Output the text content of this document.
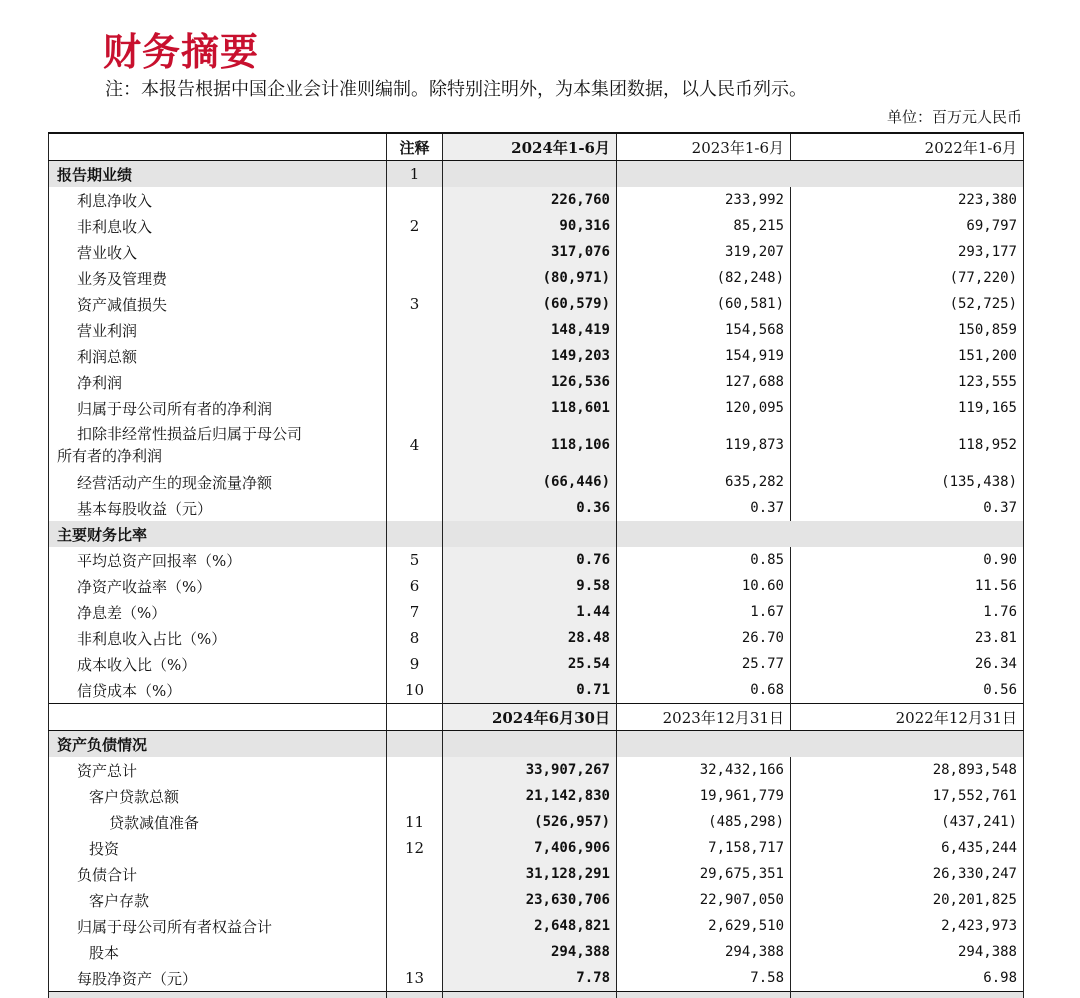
财务摘要
注：本报告根据中国企业会计准则编制。除特别注明外，为本集团数据，以人民币列示。
单位：百万元人民币
	注释	2024年1-6月	2023年1-6月	2022年1-6月
报告期业绩	1			
利息净收入		226,760	233,992	223,380
非利息收入	2	90,316	85,215	69,797
营业收入		317,076	319,207	293,177
业务及管理费		(80,971)	(82,248)	(77,220)
资产减值损失	3	(60,579)	(60,581)	(52,725)
营业利润		148,419	154,568	150,859
利润总额		149,203	154,919	151,200
净利润		126,536	127,688	123,555
归属于母公司所有者的净利润		118,601	120,095	119,165

扣除非经常性损益后归属于母公司
所有者的净利润	4	118,106	119,873	118,952
经营活动产生的现金流量净额		(66,446)	635,282	(135,438)
基本每股收益（元）		0.36	0.37	0.37
主要财务比率				
平均总资产回报率（%）	5	0.76	0.85	0.90
净资产收益率（%）	6	9.58	10.60	11.56
净息差（%）	7	1.44	1.67	1.76
非利息收入占比（%）	8	28.48	26.70	23.81
成本收入比（%）	9	25.54	25.77	26.34
信贷成本（%）	10	0.71	0.68	0.56
		2024年6月30日	2023年12月31日	2022年12月31日
资产负债情况				
资产总计		33,907,267	32,432,166	28,893,548
客户贷款总额		21,142,830	19,961,779	17,552,761
贷款减值准备	11	(526,957)	(485,298)	(437,241)
投资	12	7,406,906	7,158,717	6,435,244
负债合计		31,128,291	29,675,351	26,330,247
客户存款		23,630,706	22,907,050	20,201,825
归属于母公司所有者权益合计		2,648,821	2,629,510	2,423,973
股本		294,388	294,388	294,388
每股净资产（元）	13	7.78	7.58	6.98
